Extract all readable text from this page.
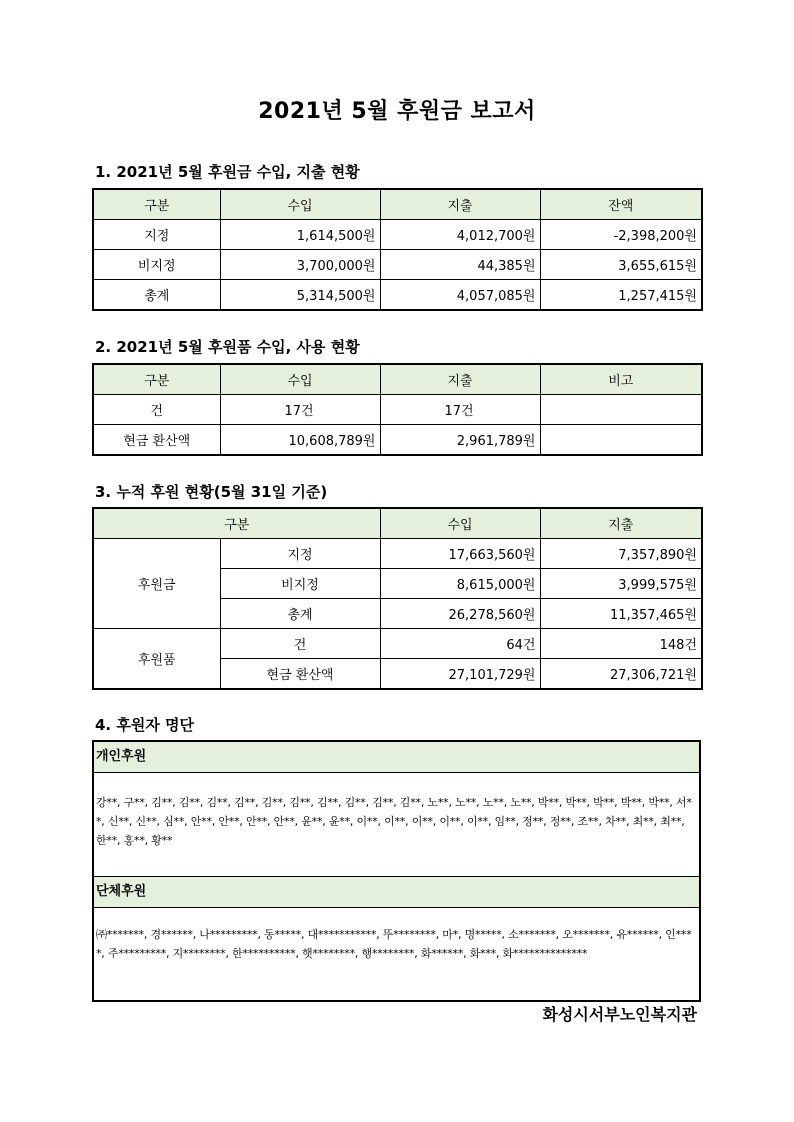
2021년 5월 후원금 보고서
1. 2021년 5월 후원금 수입, 지출 현황
구분	수입	지출	잔액
지정	1,614,500원	4,012,700원	-2,398,200원
비지정	3,700,000원	44,385원	3,655,615원
총계	5,314,500원	4,057,085원	1,257,415원
2. 2021년 5월 후원품 수입, 사용 현황
구분	수입	지출	비고
건	17건	17건	
현금 환산액	10,608,789원	2,961,789원	
3. 누적 후원 현황(5월 31일 기준)
구분		수입	지출
후원금	지정	17,663,560원	7,357,890원
	비지정	8,615,000원	3,999,575원
	총계	26,278,560원	11,357,465원
후원품	건	64건	148건
	현금 환산액	27,101,729원	27,306,721원
4. 후원자 명단
개인후원
강**, 구**, 김**, 김**, 김**, 김**, 김**, 김**, 김**, 김**, 김**, 김**, 노**, 노**, 노**, 노**, 박**, 박**, 박**, 박**, 박**, 서**, 신**, 신**, 심**, 안**, 안**, 안**, 안**, 윤**, 윤**, 이**, 이**, 이**, 이**, 이**, 임**, 정**, 정**, 조**, 차**, 최**, 최**, 한**, 홍**, 황**
단체후원
㈜*******, 경******, 나*********, 동*****, 대***********, 뚜********, 마*, 명*****, 소*******, 오*******, 유******, 인****, 주*********, 지********, 한**********, 햇********, 행********, 화******, 화***, 화**************
화성시서부노인복지관
